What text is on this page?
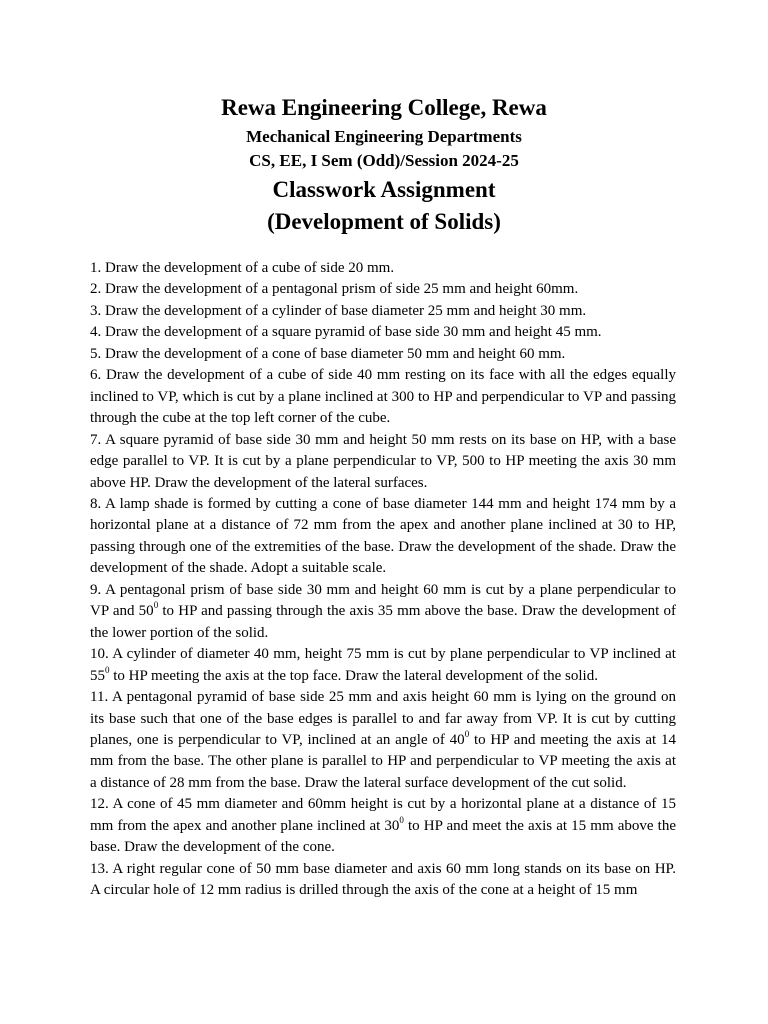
Rewa Engineering College, Rewa
Mechanical Engineering Departments
CS, EE, I Sem (Odd)/Session 2024-25
Classwork Assignment
(Development of Solids)

1. Draw the development of a cube of side 20 mm.

2. Draw the development of a pentagonal prism of side 25 mm and height 60mm.

3. Draw the development of a cylinder of base diameter 25 mm and height 30 mm.

4. Draw the development of a square pyramid of base side 30 mm and height 45 mm.

5. Draw the development of a cone of base diameter 50 mm and height 60 mm.

6. Draw the development of a cube of side 40 mm resting on its face with all the edges equally inclined to VP, which is cut by a plane inclined at 300 to HP and perpendicular to VP and passing through the cube at the top left corner of the cube.

7. A square pyramid of base side 30 mm and height 50 mm rests on its base on HP, with a base edge parallel to VP. It is cut by a plane perpendicular to VP, 500 to HP meeting the axis 30 mm above HP. Draw the development of the lateral surfaces.

8. A lamp shade is formed by cutting a cone of base diameter 144 mm and height 174 mm by a horizontal plane at a distance of 72 mm from the apex and another plane inclined at 30 to HP, passing through one of the extremities of the base. Draw the development of the shade. Draw the development of the shade. Adopt a suitable scale.

9. A pentagonal prism of base side 30 mm and height 60 mm is cut by a plane perpendicular to VP and $50^0$ to HP and passing through the axis 35 mm above the base. Draw the development of the lower portion of the solid.

10. A cylinder of diameter 40 mm, height 75 mm is cut by plane perpendicular to VP inclined at $55^0$ to HP meeting the axis at the top face. Draw the lateral development of the solid.

11. A pentagonal pyramid of base side 25 mm and axis height 60 mm is lying on the ground on its base such that one of the base edges is parallel to and far away from VP. It is cut by cutting planes, one is perpendicular to VP, inclined at an angle of $40^0$ to HP and meeting the axis at 14 mm from the base. The other plane is parallel to HP and perpendicular to VP meeting the axis at a distance of 28 mm from the base. Draw the lateral surface development of the cut solid.

12. A cone of 45 mm diameter and 60mm height is cut by a horizontal plane at a distance of 15 mm from the apex and another plane inclined at $30^0$ to HP and meet the axis at 15 mm above the base. Draw the development of the cone.

13. A right regular cone of 50 mm base diameter and axis 60 mm long stands on its base on HP. A circular hole of 12 mm radius is drilled through the axis of the cone at a height of 15 mm
